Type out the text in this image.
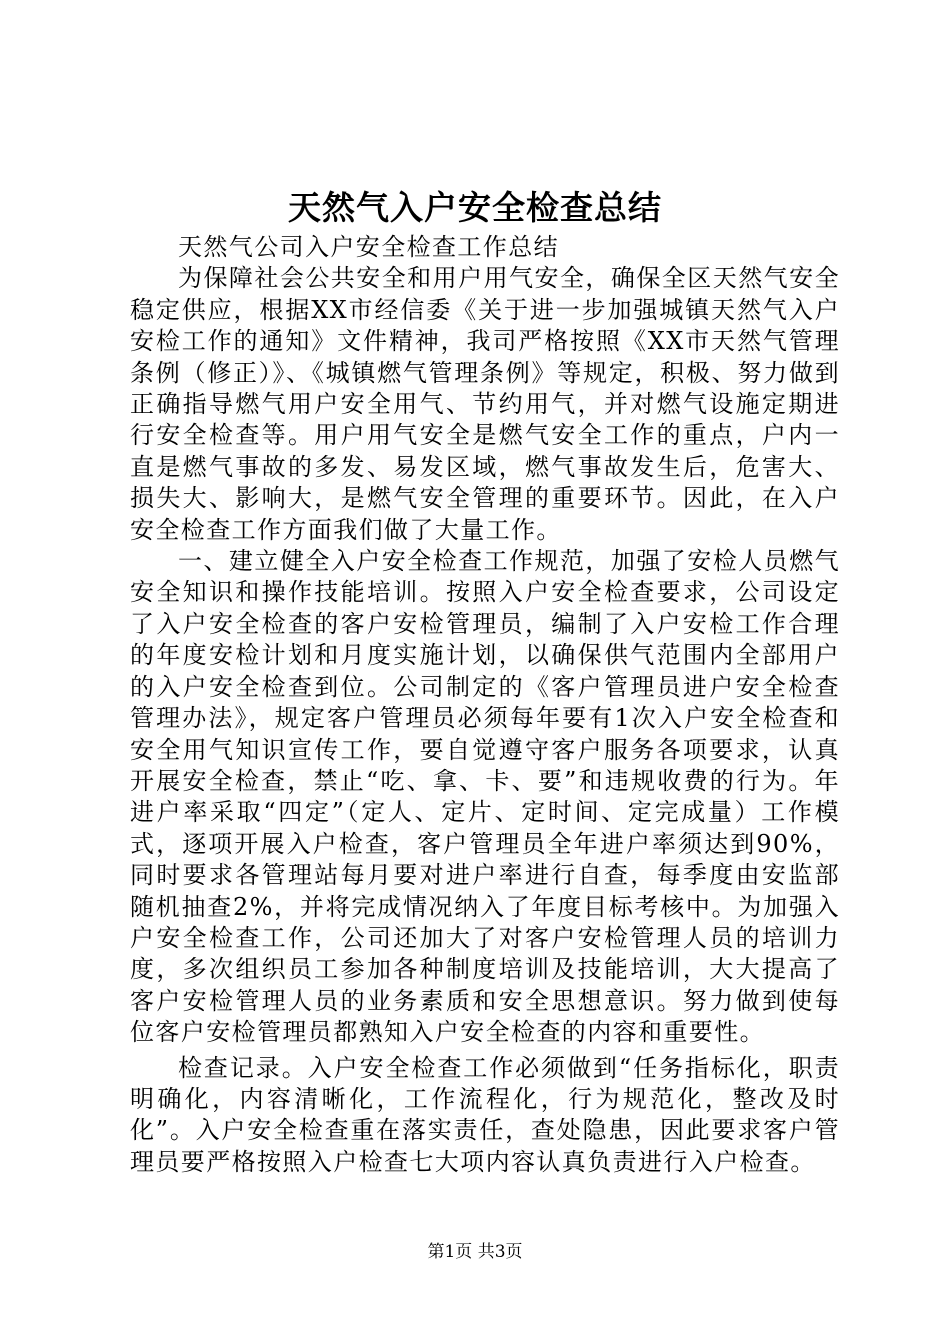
天然气入户安全检查总结

天然气公司入户安全检查工作总结

为保障社会公共安全和用户用气安全，确保全区天然气安全稳定供应，根据XX市经信委《关于进一步加强城镇天然气入户安检工作的通知》文件精神，我司严格按照《XX市天然气管理条例（修正）》、《城镇燃气管理条例》等规定，积极、努力做到正确指导燃气用户安全用气、节约用气，并对燃气设施定期进行安全检查等。用户用气安全是燃气安全工作的重点，户内一直是燃气事故的多发、易发区域，燃气事故发生后，危害大、损失大、影响大，是燃气安全管理的重要环节。因此，在入户安全检查工作方面我们做了大量工作。

一、建立健全入户安全检查工作规范，加强了安检人员燃气安全知识和操作技能培训。按照入户安全检查要求，公司设定了入户安全检查的客户安检管理员，编制了入户安检工作合理的年度安检计划和月度实施计划，以确保供气范围内全部用户的入户安全检查到位。公司制定的《客户管理员进户安全检查管理办法》，规定客户管理员必须每年要有1次入户安全检查和安全用气知识宣传工作，要自觉遵守客户服务各项要求，认真开展安全检查，禁止“吃、拿、卡、要”和违规收费的行为。年进户率采取“四定”（定人、定片、定时间、定完成量）工作模式，逐项开展入户检查，客户管理员全年进户率须达到90%，同时要求各管理站每月要对进户率进行自查，每季度由安监部随机抽查2%，并将完成情况纳入了年度目标考核中。为加强入户安全检查工作，公司还加大了对客户安检管理人员的培训力度，多次组织员工参加各种制度培训及技能培训，大大提高了客户安检管理人员的业务素质和安全思想意识。努力做到使每位客户安检管理员都熟知入户安全检查的内容和重要性。

检查记录。入户安全检查工作必须做到“任务指标化，职责明确化，内容清晰化，工作流程化，行为规范化，整改及时化”。入户安全检查重在落实责任，查处隐患，因此要求客户管理员要严格按照入户检查七大项内容认真负责进行入户检查。

第1页 共3页
